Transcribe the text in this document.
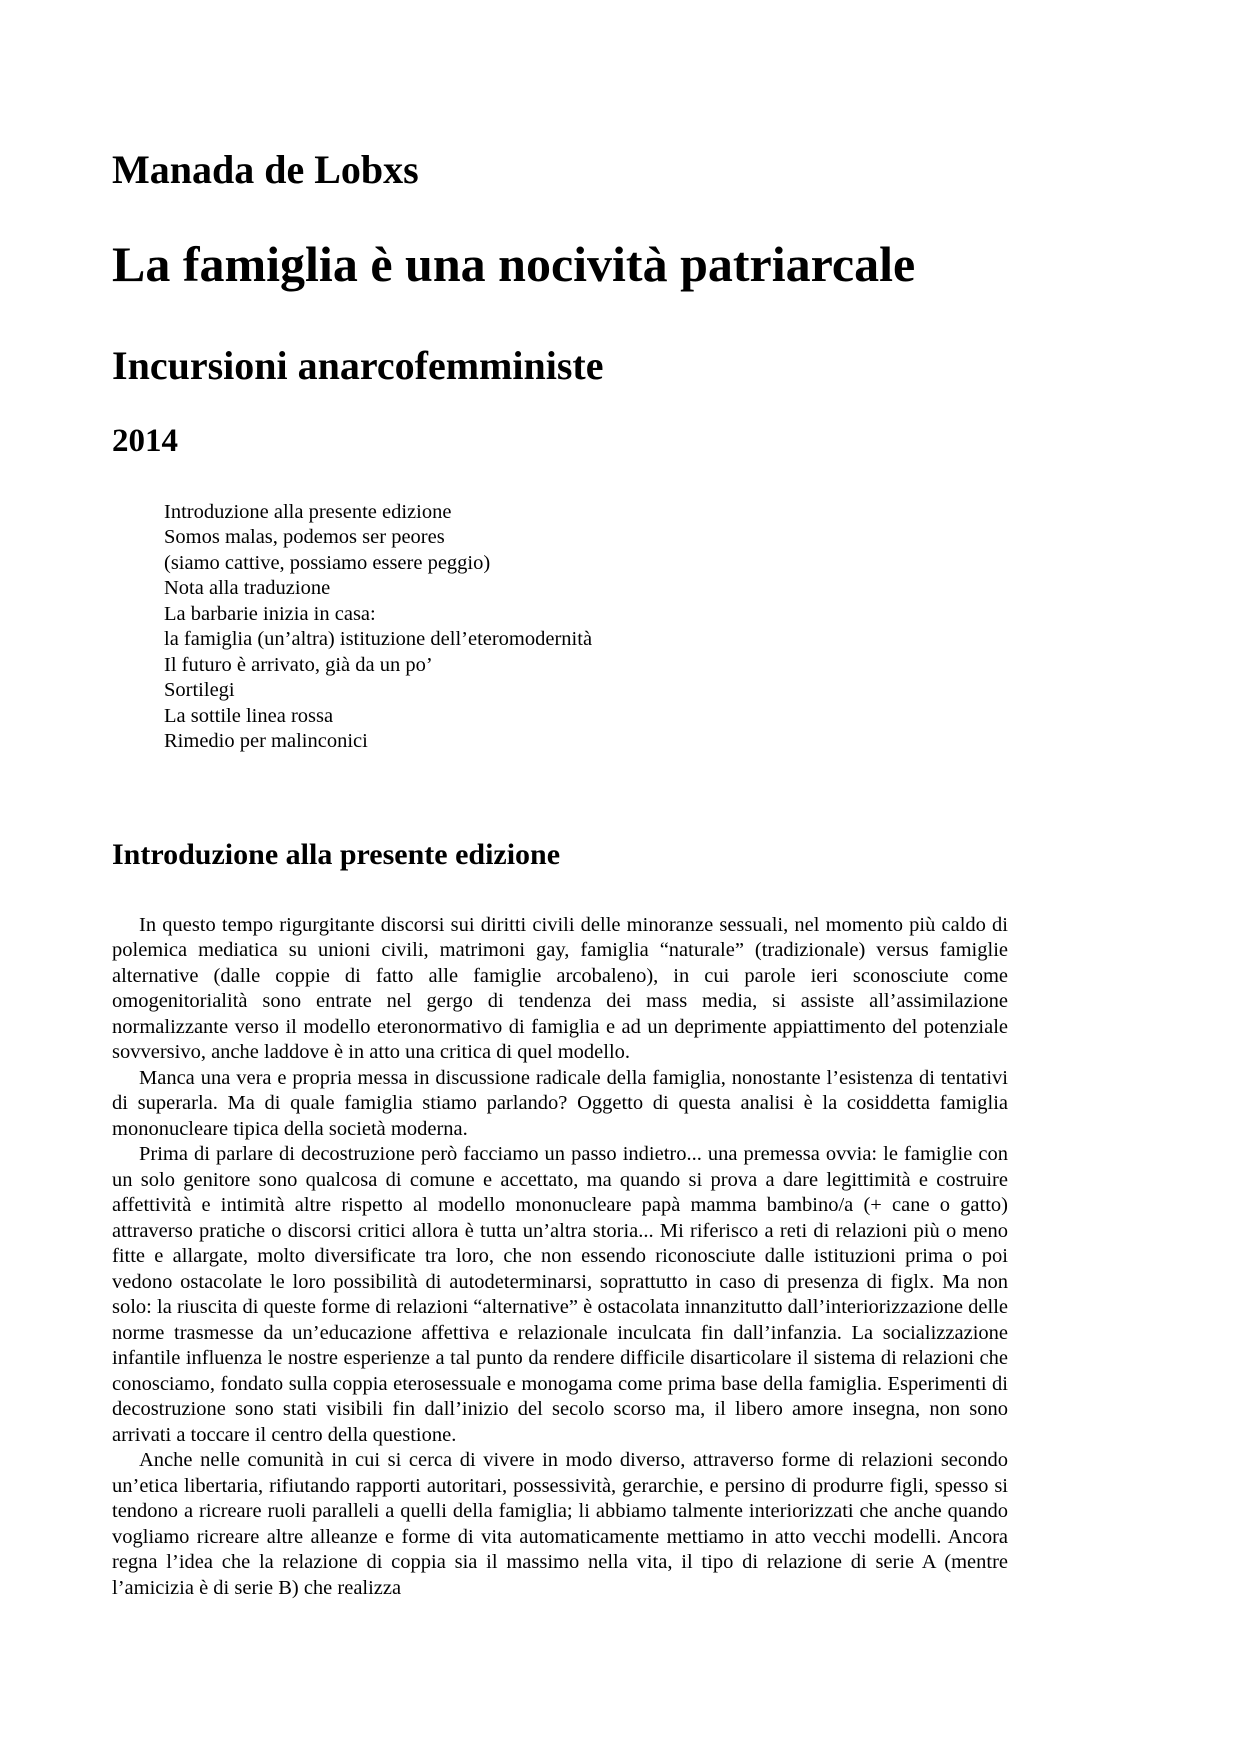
Manada de Lobxs
La famiglia è una nocività patriarcale
Incursioni anarcofemministe
2014
Introduzione alla presente edizione
Somos malas, podemos ser peores
(siamo cattive, possiamo essere peggio)
Nota alla traduzione
La barbarie inizia in casa:
la famiglia (un’altra) istituzione dell’eteromodernità
Il futuro è arrivato, già da un po’
Sortilegi
La sottile linea rossa
Rimedio per malinconici
Introduzione alla presente edizione

In questo tempo rigurgitante discorsi sui diritti civili delle minoranze sessuali, nel momento più caldo di polemica mediatica su unioni civili, matrimoni gay, famiglia “naturale” (tradizionale) versus famiglie alternative (dalle coppie di fatto alle famiglie arcobaleno), in cui parole ieri sconosciute come omogenitorialità sono entrate nel gergo di tendenza dei mass media, si assiste all’assimilazione normalizzante verso il modello eteronormativo di famiglia e ad un deprimente appiattimento del potenziale sovversivo, anche laddove è in atto una critica di quel modello.

Manca una vera e propria messa in discussione radicale della famiglia, nonostante l’esistenza di tentativi di superarla. Ma di quale famiglia stiamo parlando? Oggetto di questa analisi è la cosiddetta famiglia mononucleare tipica della società moderna.

Prima di parlare di decostruzione però facciamo un passo indietro... una premessa ovvia: le famiglie con un solo genitore sono qualcosa di comune e accettato, ma quando si prova a dare legittimità e costruire affettività e intimità altre rispetto al modello mononucleare papà mamma bambino/a (+ cane o gatto) attraverso pratiche o discorsi critici allora è tutta un’altra storia... Mi riferisco a reti di relazioni più o meno fitte e allargate, molto diversificate tra loro, che non essendo riconosciute dalle istituzioni prima o poi vedono ostacolate le loro possibilità di autodeterminarsi, soprattutto in caso di presenza di figlx. Ma non solo: la riuscita di queste forme di relazioni “alternative” è ostacolata innanzitutto dall’interiorizzazione delle norme trasmesse da un’educazione affettiva e relazionale inculcata fin dall’infanzia. La socializzazione infantile influenza le nostre esperienze a tal punto da rendere difficile disarticolare il sistema di relazioni che conosciamo, fondato sulla coppia eterosessuale e monogama come prima base della famiglia. Esperimenti di decostruzione sono stati visibili fin dall’inizio del secolo scorso ma, il libero amore insegna, non sono arrivati a toccare il centro della questione.

Anche nelle comunità in cui si cerca di vivere in modo diverso, attraverso forme di relazioni secondo un’etica libertaria, rifiutando rapporti autoritari, possessività, gerarchie, e persino di produrre figli, spesso si tendono a ricreare ruoli paralleli a quelli della famiglia; li abbiamo talmente interiorizzati che anche quando vogliamo ricreare altre alleanze e forme di vita automaticamente mettiamo in atto vecchi modelli. Ancora regna l’idea che la relazione di coppia sia il massimo nella vita, il tipo di relazione di serie A (mentre l’amicizia è di serie B) che realizza
